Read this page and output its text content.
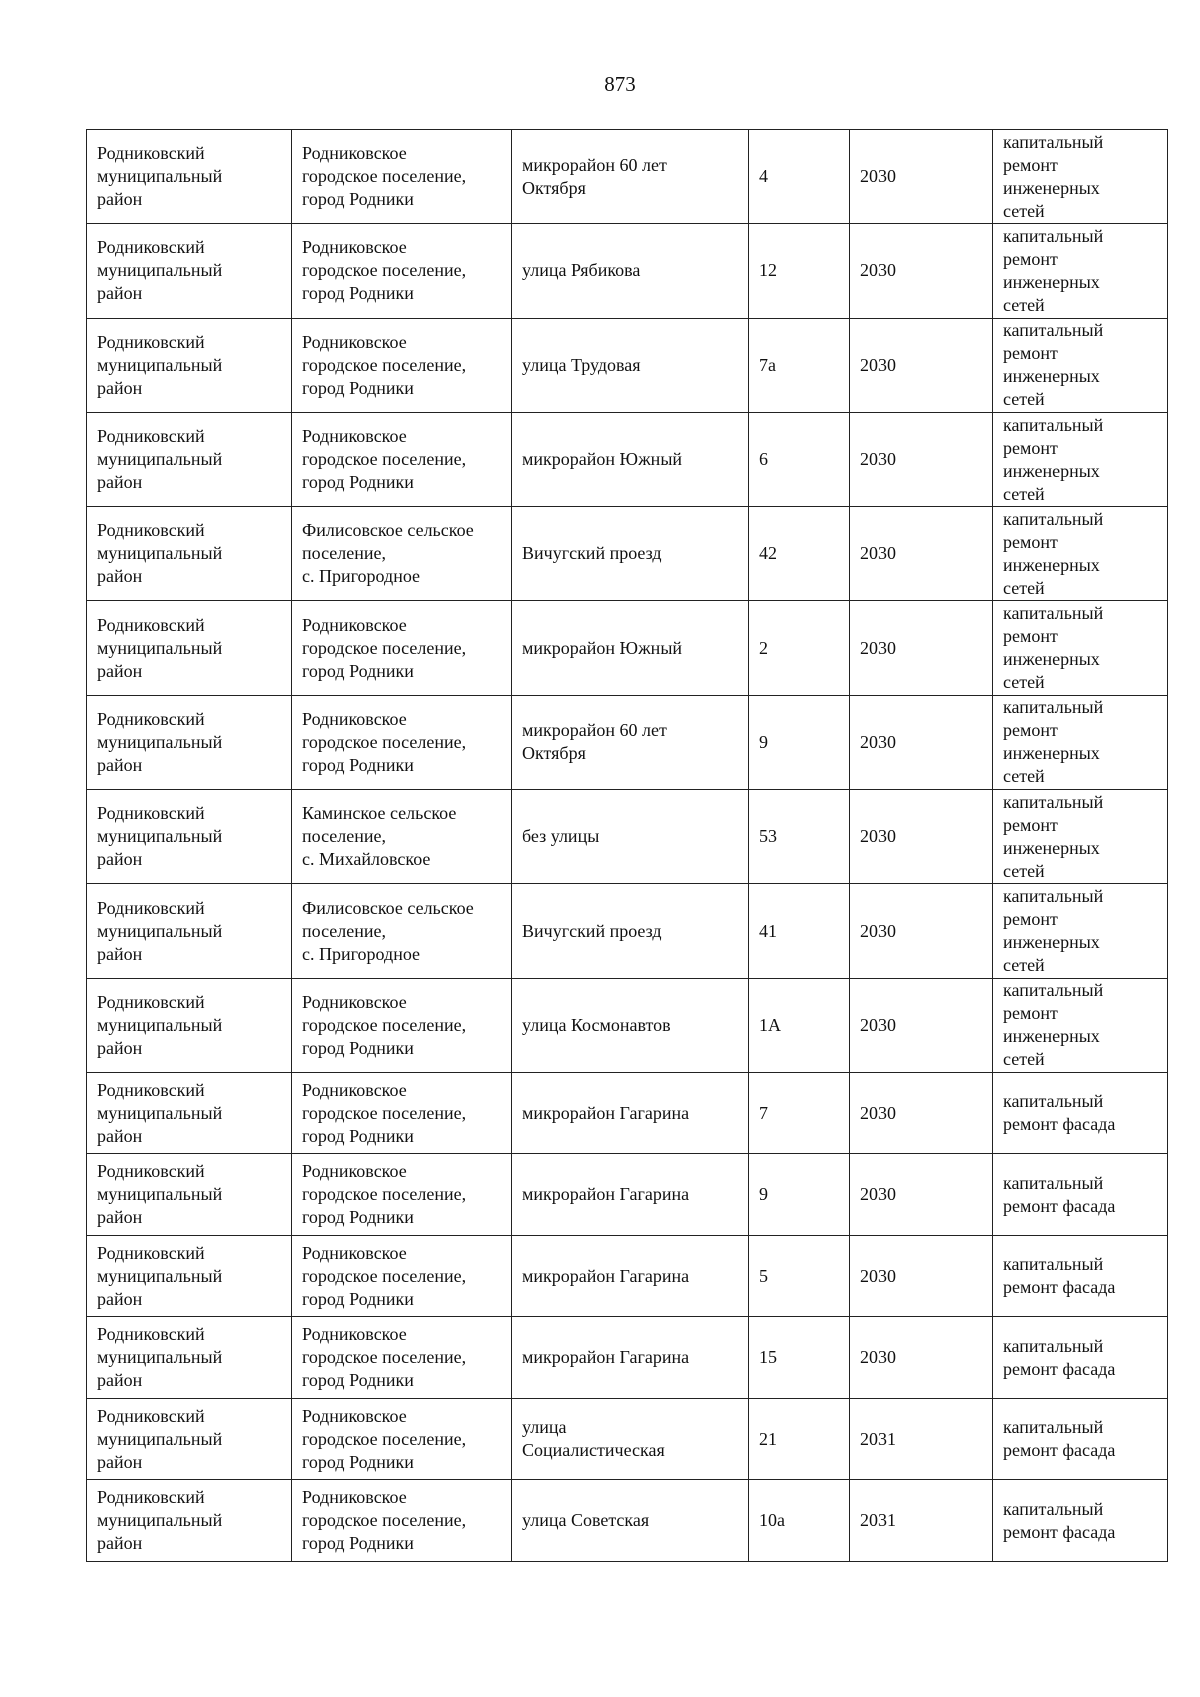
873
Родниковский
муниципальный
район	Родниковское
городское поселение,
город Родники	микрорайон 60 лет
Октября	4	2030	капитальный
ремонт
инженерных
сетей
Родниковский
муниципальный
район	Родниковское
городское поселение,
город Родники	улица Рябикова	12	2030	капитальный
ремонт
инженерных
сетей
Родниковский
муниципальный
район	Родниковское
городское поселение,
город Родники	улица Трудовая	7а	2030	капитальный
ремонт
инженерных
сетей
Родниковский
муниципальный
район	Родниковское
городское поселение,
город Родники	микрорайон Южный	6	2030	капитальный
ремонт
инженерных
сетей
Родниковский
муниципальный
район	Филисовское сельское
поселение,
с. Пригородное	Вичугский проезд	42	2030	капитальный
ремонт
инженерных
сетей
Родниковский
муниципальный
район	Родниковское
городское поселение,
город Родники	микрорайон Южный	2	2030	капитальный
ремонт
инженерных
сетей
Родниковский
муниципальный
район	Родниковское
городское поселение,
город Родники	микрорайон 60 лет
Октября	9	2030	капитальный
ремонт
инженерных
сетей
Родниковский
муниципальный
район	Каминское сельское
поселение,
с. Михайловское	без улицы	53	2030	капитальный
ремонт
инженерных
сетей
Родниковский
муниципальный
район	Филисовское сельское
поселение,
с. Пригородное	Вичугский проезд	41	2030	капитальный
ремонт
инженерных
сетей
Родниковский
муниципальный
район	Родниковское
городское поселение,
город Родники	улица Космонавтов	1А	2030	капитальный
ремонт
инженерных
сетей
Родниковский
муниципальный
район	Родниковское
городское поселение,
город Родники	микрорайон Гагарина	7	2030	капитальный
ремонт фасада
Родниковский
муниципальный
район	Родниковское
городское поселение,
город Родники	микрорайон Гагарина	9	2030	капитальный
ремонт фасада
Родниковский
муниципальный
район	Родниковское
городское поселение,
город Родники	микрорайон Гагарина	5	2030	капитальный
ремонт фасада
Родниковский
муниципальный
район	Родниковское
городское поселение,
город Родники	микрорайон Гагарина	15	2030	капитальный
ремонт фасада
Родниковский
муниципальный
район	Родниковское
городское поселение,
город Родники	улица
Социалистическая	21	2031	капитальный
ремонт фасада
Родниковский
муниципальный
район	Родниковское
городское поселение,
город Родники	улица Советская	10а	2031	капитальный
ремонт фасада
